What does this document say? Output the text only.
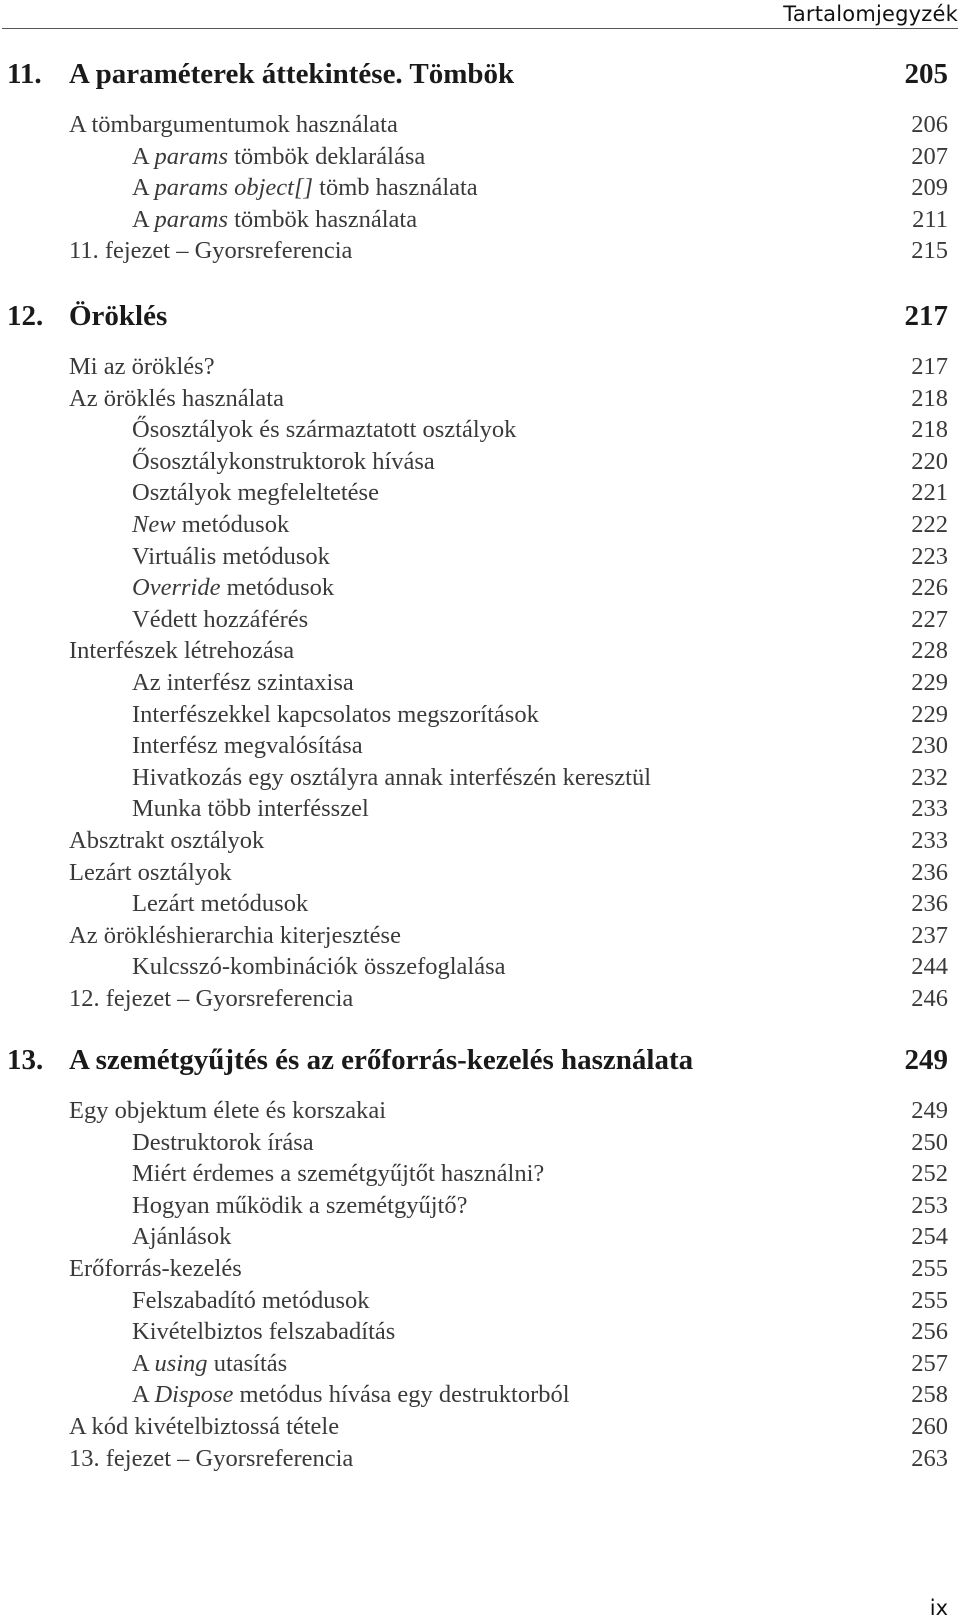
Tartalomjegyzék
11. A paraméterek áttekintése. Tömbök	205
A tömbargumentumok használata	206
A params tömbök deklarálása	207
A params object[] tömb használata	209
A params tömbök használata	211
11. fejezet – Gyorsreferencia	215
12. Öröklés	217
Mi az öröklés?	217
Az öröklés használata	218
Ősosztályok és származtatott osztályok	218
Ősosztálykonstruktorok hívása	220
Osztályok megfeleltetése	221
New metódusok	222
Virtuális metódusok	223
Override metódusok	226
Védett hozzáférés	227
Interfészek létrehozása	228
Az interfész szintaxisa	229
Interfészekkel kapcsolatos megszorítások	229
Interfész megvalósítása	230
Hivatkozás egy osztályra annak interfészén keresztül	232
Munka több interfésszel	233
Absztrakt osztályok	233
Lezárt osztályok	236
Lezárt metódusok	236
Az örökléshierarchia kiterjesztése	237
Kulcsszó-kombinációk összefoglalása	244
12. fejezet – Gyorsreferencia	246
13. A szemétgyűjtés és az erőforrás-kezelés használata	249
Egy objektum élete és korszakai	249
Destruktorok írása	250
Miért érdemes a szemétgyűjtőt használni?	252
Hogyan működik a szemétgyűjtő?	253
Ajánlások	254
Erőforrás-kezelés	255
Felszabadító metódusok	255
Kivételbiztos felszabadítás	256
A using utasítás	257
A Dispose metódus hívása egy destruktorból	258
A kód kivételbiztossá tétele	260
13. fejezet – Gyorsreferencia	263
ix
